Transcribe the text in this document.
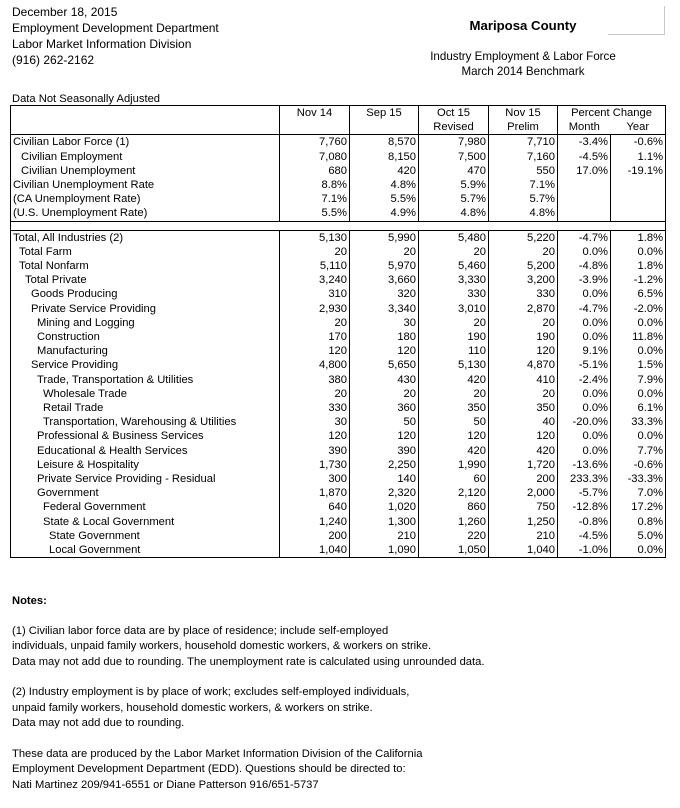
December 18, 2015
Employment Development Department
Labor Market Information Division
(916) 262-2162
Mariposa County
Industry Employment & Labor Force
March 2014 Benchmark
Data Not Seasonally Adjusted
	Nov 14	Sep 15	Oct 15	Nov 15	Percent Change	
			Revised	Prelim	Month	Year
Civilian Labor Force (1)	7,760	8,570	7,980	7,710	-3.4%	-0.6%
Civilian Employment	7,080	8,150	7,500	7,160	-4.5%	1.1%
Civilian Unemployment	680	420	470	550	17.0%	-19.1%
Civilian Unemployment Rate	8.8%	4.8%	5.9%	7.1%		
(CA Unemployment Rate)	7.1%	5.5%	5.7%	5.7%		
(U.S. Unemployment Rate)	5.5%	4.9%	4.8%	4.8%		

Total, All Industries (2)	5,130	5,990	5,480	5,220	-4.7%	1.8%
Total Farm	20	20	20	20	0.0%	0.0%
Total Nonfarm	5,110	5,970	5,460	5,200	-4.8%	1.8%
Total Private	3,240	3,660	3,330	3,200	-3.9%	-1.2%
Goods Producing	310	320	330	330	0.0%	6.5%
Private Service Providing	2,930	3,340	3,010	2,870	-4.7%	-2.0%
Mining and Logging	20	30	20	20	0.0%	0.0%
Construction	170	180	190	190	0.0%	11.8%
Manufacturing	120	120	110	120	9.1%	0.0%
Service Providing	4,800	5,650	5,130	4,870	-5.1%	1.5%
Trade, Transportation & Utilities	380	430	420	410	-2.4%	7.9%
Wholesale Trade	20	20	20	20	0.0%	0.0%
Retail Trade	330	360	350	350	0.0%	6.1%
Transportation, Warehousing & Utilities	30	50	50	40	-20.0%	33.3%
Professional & Business Services	120	120	120	120	0.0%	0.0%
Educational & Health Services	390	390	420	420	0.0%	7.7%
Leisure & Hospitality	1,730	2,250	1,990	1,720	-13.6%	-0.6%
Private Service Providing - Residual	300	140	60	200	233.3%	-33.3%
Government	1,870	2,320	2,120	2,000	-5.7%	7.0%
Federal Government	640	1,020	860	750	-12.8%	17.2%
State & Local Government	1,240	1,300	1,260	1,250	-0.8%	0.8%
State Government	200	210	220	210	-4.5%	5.0%
Local Government	1,040	1,090	1,050	1,040	-1.0%	0.0%
Notes:
(1) Civilian labor force data are by place of residence; include self-employed
individuals, unpaid family workers, household domestic workers, & workers on strike.
Data may not add due to rounding. The unemployment rate is calculated using unrounded data.
(2) Industry employment is by place of work; excludes self-employed individuals,
unpaid family workers, household domestic workers, & workers on strike.
Data may not add due to rounding.
These data are produced by the Labor Market Information Division of the California
Employment Development Department (EDD). Questions should be directed to:
Nati Martinez 209/941-6551 or Diane Patterson 916/651-5737
